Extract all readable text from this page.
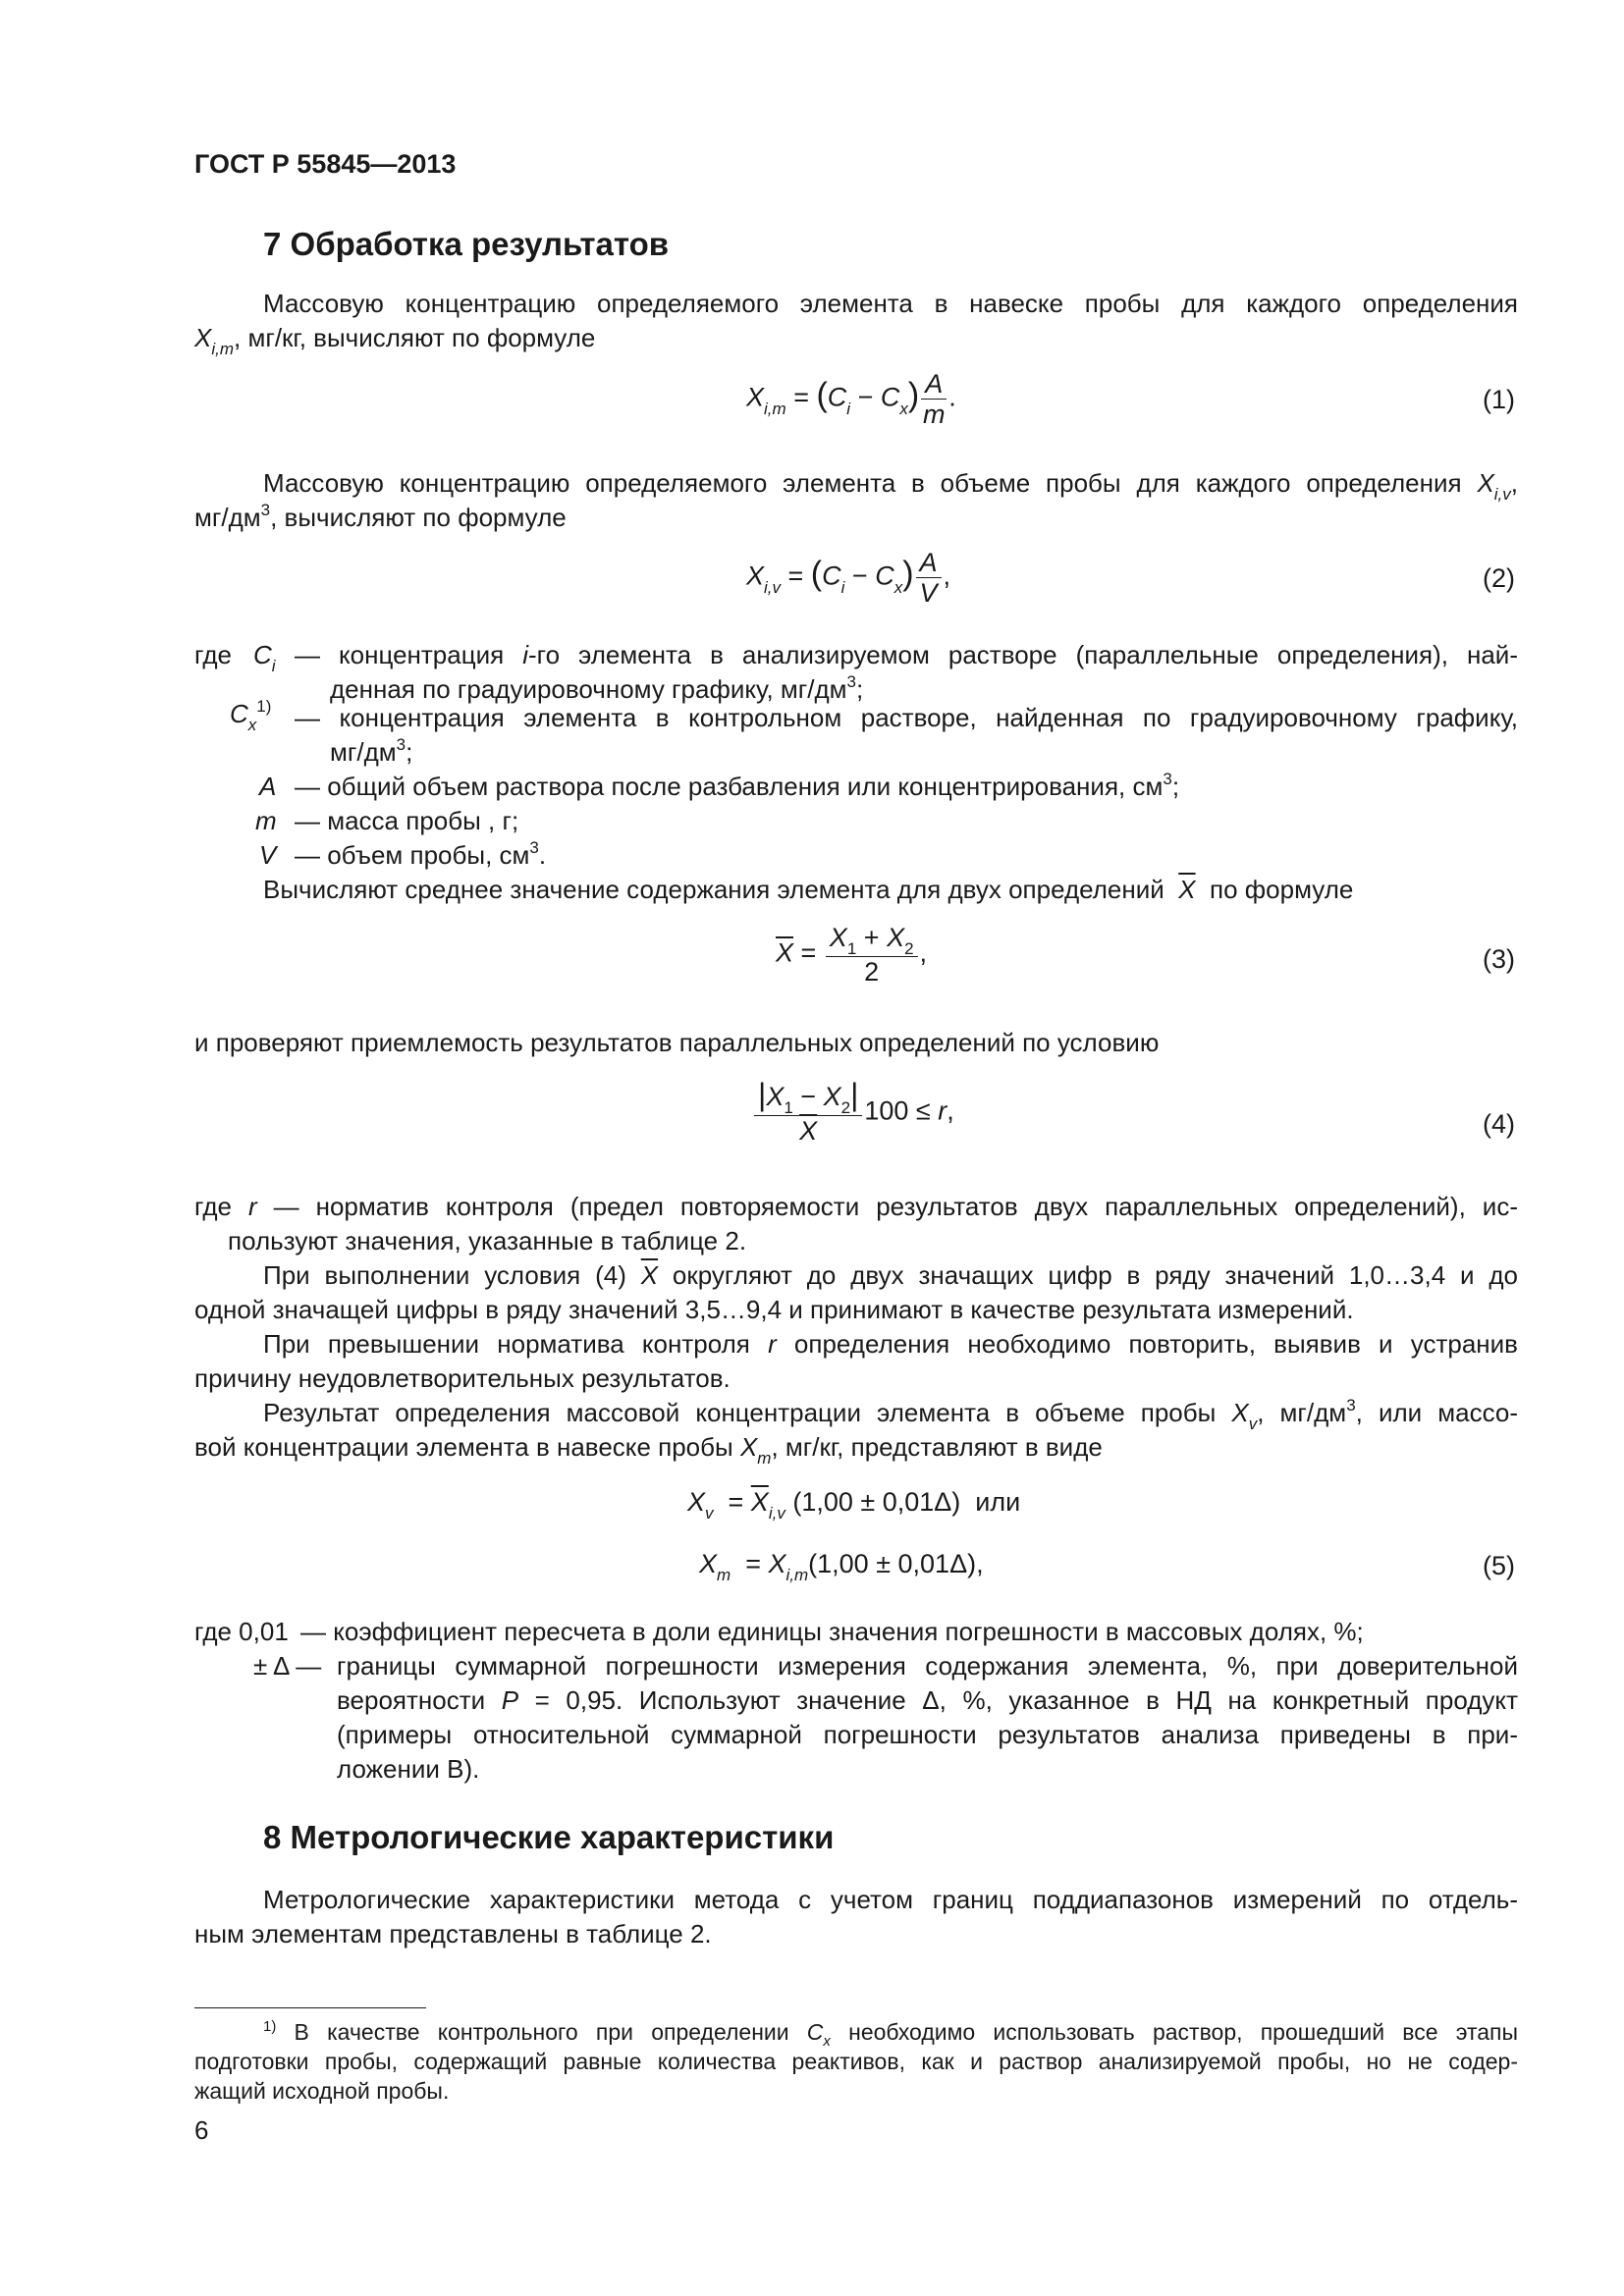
ГОСТ Р 55845—2013
7 Обработка результатов
Массовую концентрацию определяемого элемента в навеске пробы для каждого определения
$X_{i,m}$, мг/кг, вычисляют по формуле
$X_{i,m} = (C_i - C_x) \frac{A}{m}$ .	(1)
Массовую концентрацию определяемого элемента в объеме пробы для каждого определения $X_{i,v}$,
$мг/дм^3$, вычисляют по формуле
$X_{i,v} = (C_i - C_x) \frac{A}{V}$ ,	(2)
где $C_i$ — концентрация i-го элемента в анализируемом растворе (параллельные определения), най-
денная по градуировочному графику, $мг/дм^3$;
$C_x^{1)}$ — концентрация элемента в контрольном растворе, найденная по градуировочному графику,
$мг/дм^3$;
A — общий объем раствора после разбавления или концентрирования, $см^3$;
m — масса пробы , г;
V — объем пробы, $см^3$.
Вычисляют среднее значение содержания элемента для двух определений $\overline{X}$ по формуле
$\overline{X} = \frac{X_1 + X_2}{2}$ ,	(3)
и проверяют приемлемость результатов параллельных определений по условию
$\frac{|X_1 - X_2|}{X} 100 \le r$,	(4)
где r — норматив контроля (предел повторяемости результатов двух параллельных определений), ис-
пользуют значения, указанные в таблице 2.
При выполнении условия (4) $\overline{X}$ округляют до двух значащих цифр в ряду значений 1,0…3,4 и до
одной значащей цифры в ряду значений 3,5…9,4 и принимают в качестве результата измерений.
При превышении норматива контроля r определения необходимо повторить, выявив и устранив
причину неудовлетворительных результатов.
Результат определения массовой концентрации элемента в объеме пробы $X_v$, $мг/дм^3$, или массо-
вой концентрации элемента в навеске пробы $X_m$, мг/кг, представляют в виде
$X_v = \overline{X}_{i,v}$ (1,00 ± 0,01Δ) или
$X_m = X_{i,m}(1,00 \pm 0,01\Delta)$,	(5)
где 0,01 — коэффициент пересчета в доли единицы значения погрешности в массовых долях, %;
± Δ — границы суммарной погрешности измерения содержания элемента, %, при доверительной
вероятности P = 0,95. Используют значение Δ, %, указанное в НД на конкретный продукт
(примеры относительной суммарной погрешности результатов анализа приведены в при-
ложении В).
8 Метрологические характеристики
Метрологические характеристики метода с учетом границ поддиапазонов измерений по отдель-
ным элементам представлены в таблице 2.
$^{1)}$ В качестве контрольного при определении $C_x$ необходимо использовать раствор, прошедший все этапы
подготовки пробы, содержащий равные количества реактивов, как и раствор анализируемой пробы, но не содер-
жащий исходной пробы.
6
